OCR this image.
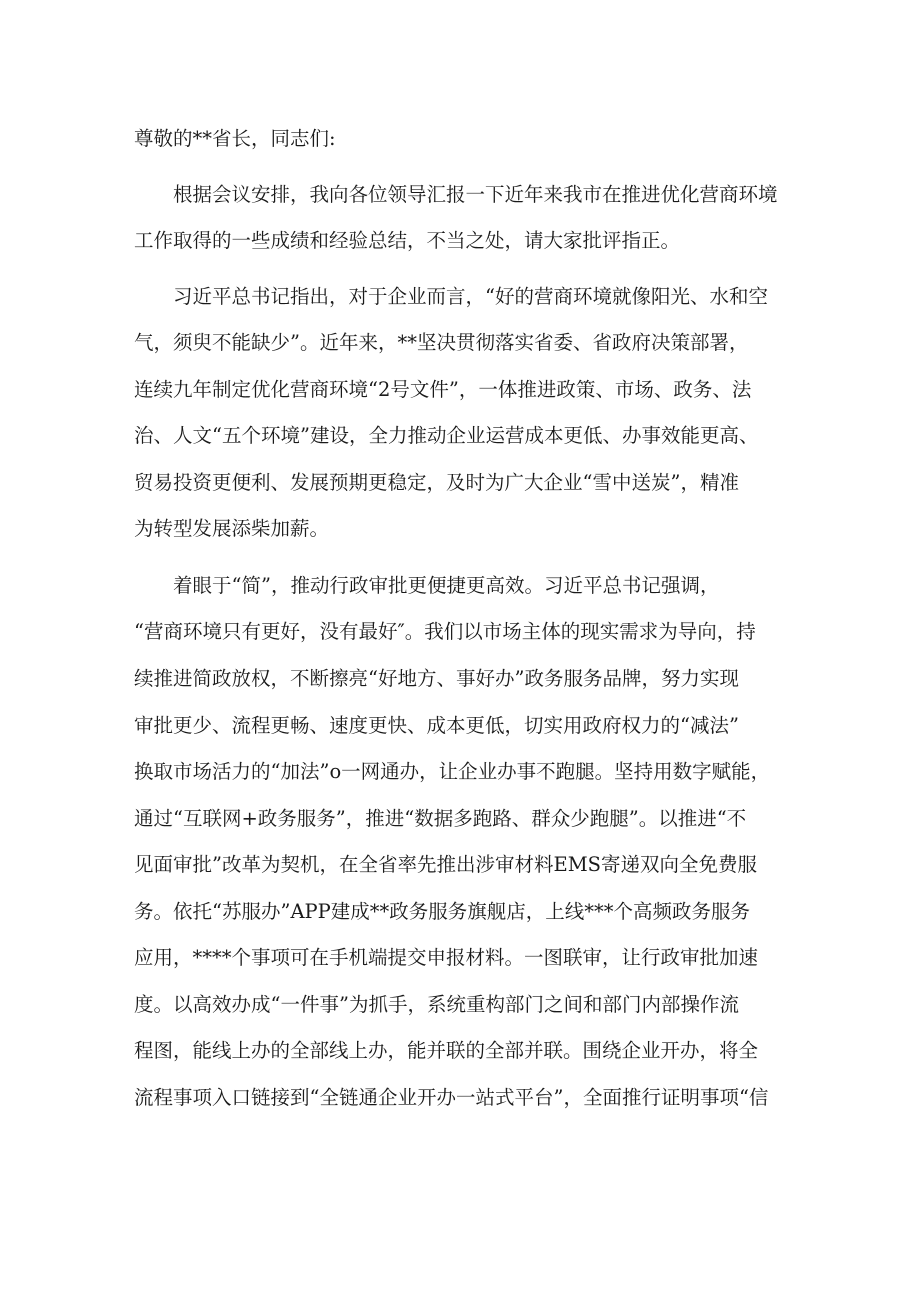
尊敬的**省长，同志们:

根据会议安排，我向各位领导汇报一下近年来我市在推进优化营商环境

工作取得的一些成绩和经验总结，不当之处，请大家批评指正。

习近平总书记指出，对于企业而言，“好的营商环境就像阳光、水和空

气，须臾不能缺少”。近年来，**坚决贯彻落实省委、省政府决策部署，

连续九年制定优化营商环境“2号文件”，一体推进政策、市场、政务、法

治、人文“五个环境”建设，全力推动企业运营成本更低、办事效能更高、

贸易投资更便利、发展预期更稳定，及时为广大企业“雪中送炭”，精准

为转型发展添柴加薪。

着眼于“简”，推动行政审批更便捷更高效。习近平总书记强调，

“营商环境只有更好，没有最好″。我们以市场主体的现实需求为导向，持

续推进简政放权，不断擦亮“好地方、事好办”政务服务品牌，努力实现

审批更少、流程更畅、速度更快、成本更低，切实用政府权力的“减法”

换取市场活力的“加法”o一网通办，让企业办事不跑腿。坚持用数字赋能，

通过“互联网+政务服务”，推进“数据多跑路、群众少跑腿”。以推进“不

见面审批”改革为契机，在全省率先推出涉审材料EMS寄递双向全免费服

务。依托“苏服办”APP建成**政务服务旗舰店，上线***个高频政务服务

应用，****个事项可在手机端提交申报材料。一图联审，让行政审批加速

度。以高效办成“一件事”为抓手，系统重构部门之间和部门内部操作流

程图，能线上办的全部线上办，能并联的全部并联。围绕企业开办，将全

流程事项入口链接到“全链通企业开办一站式平台”，全面推行证明事项“信
